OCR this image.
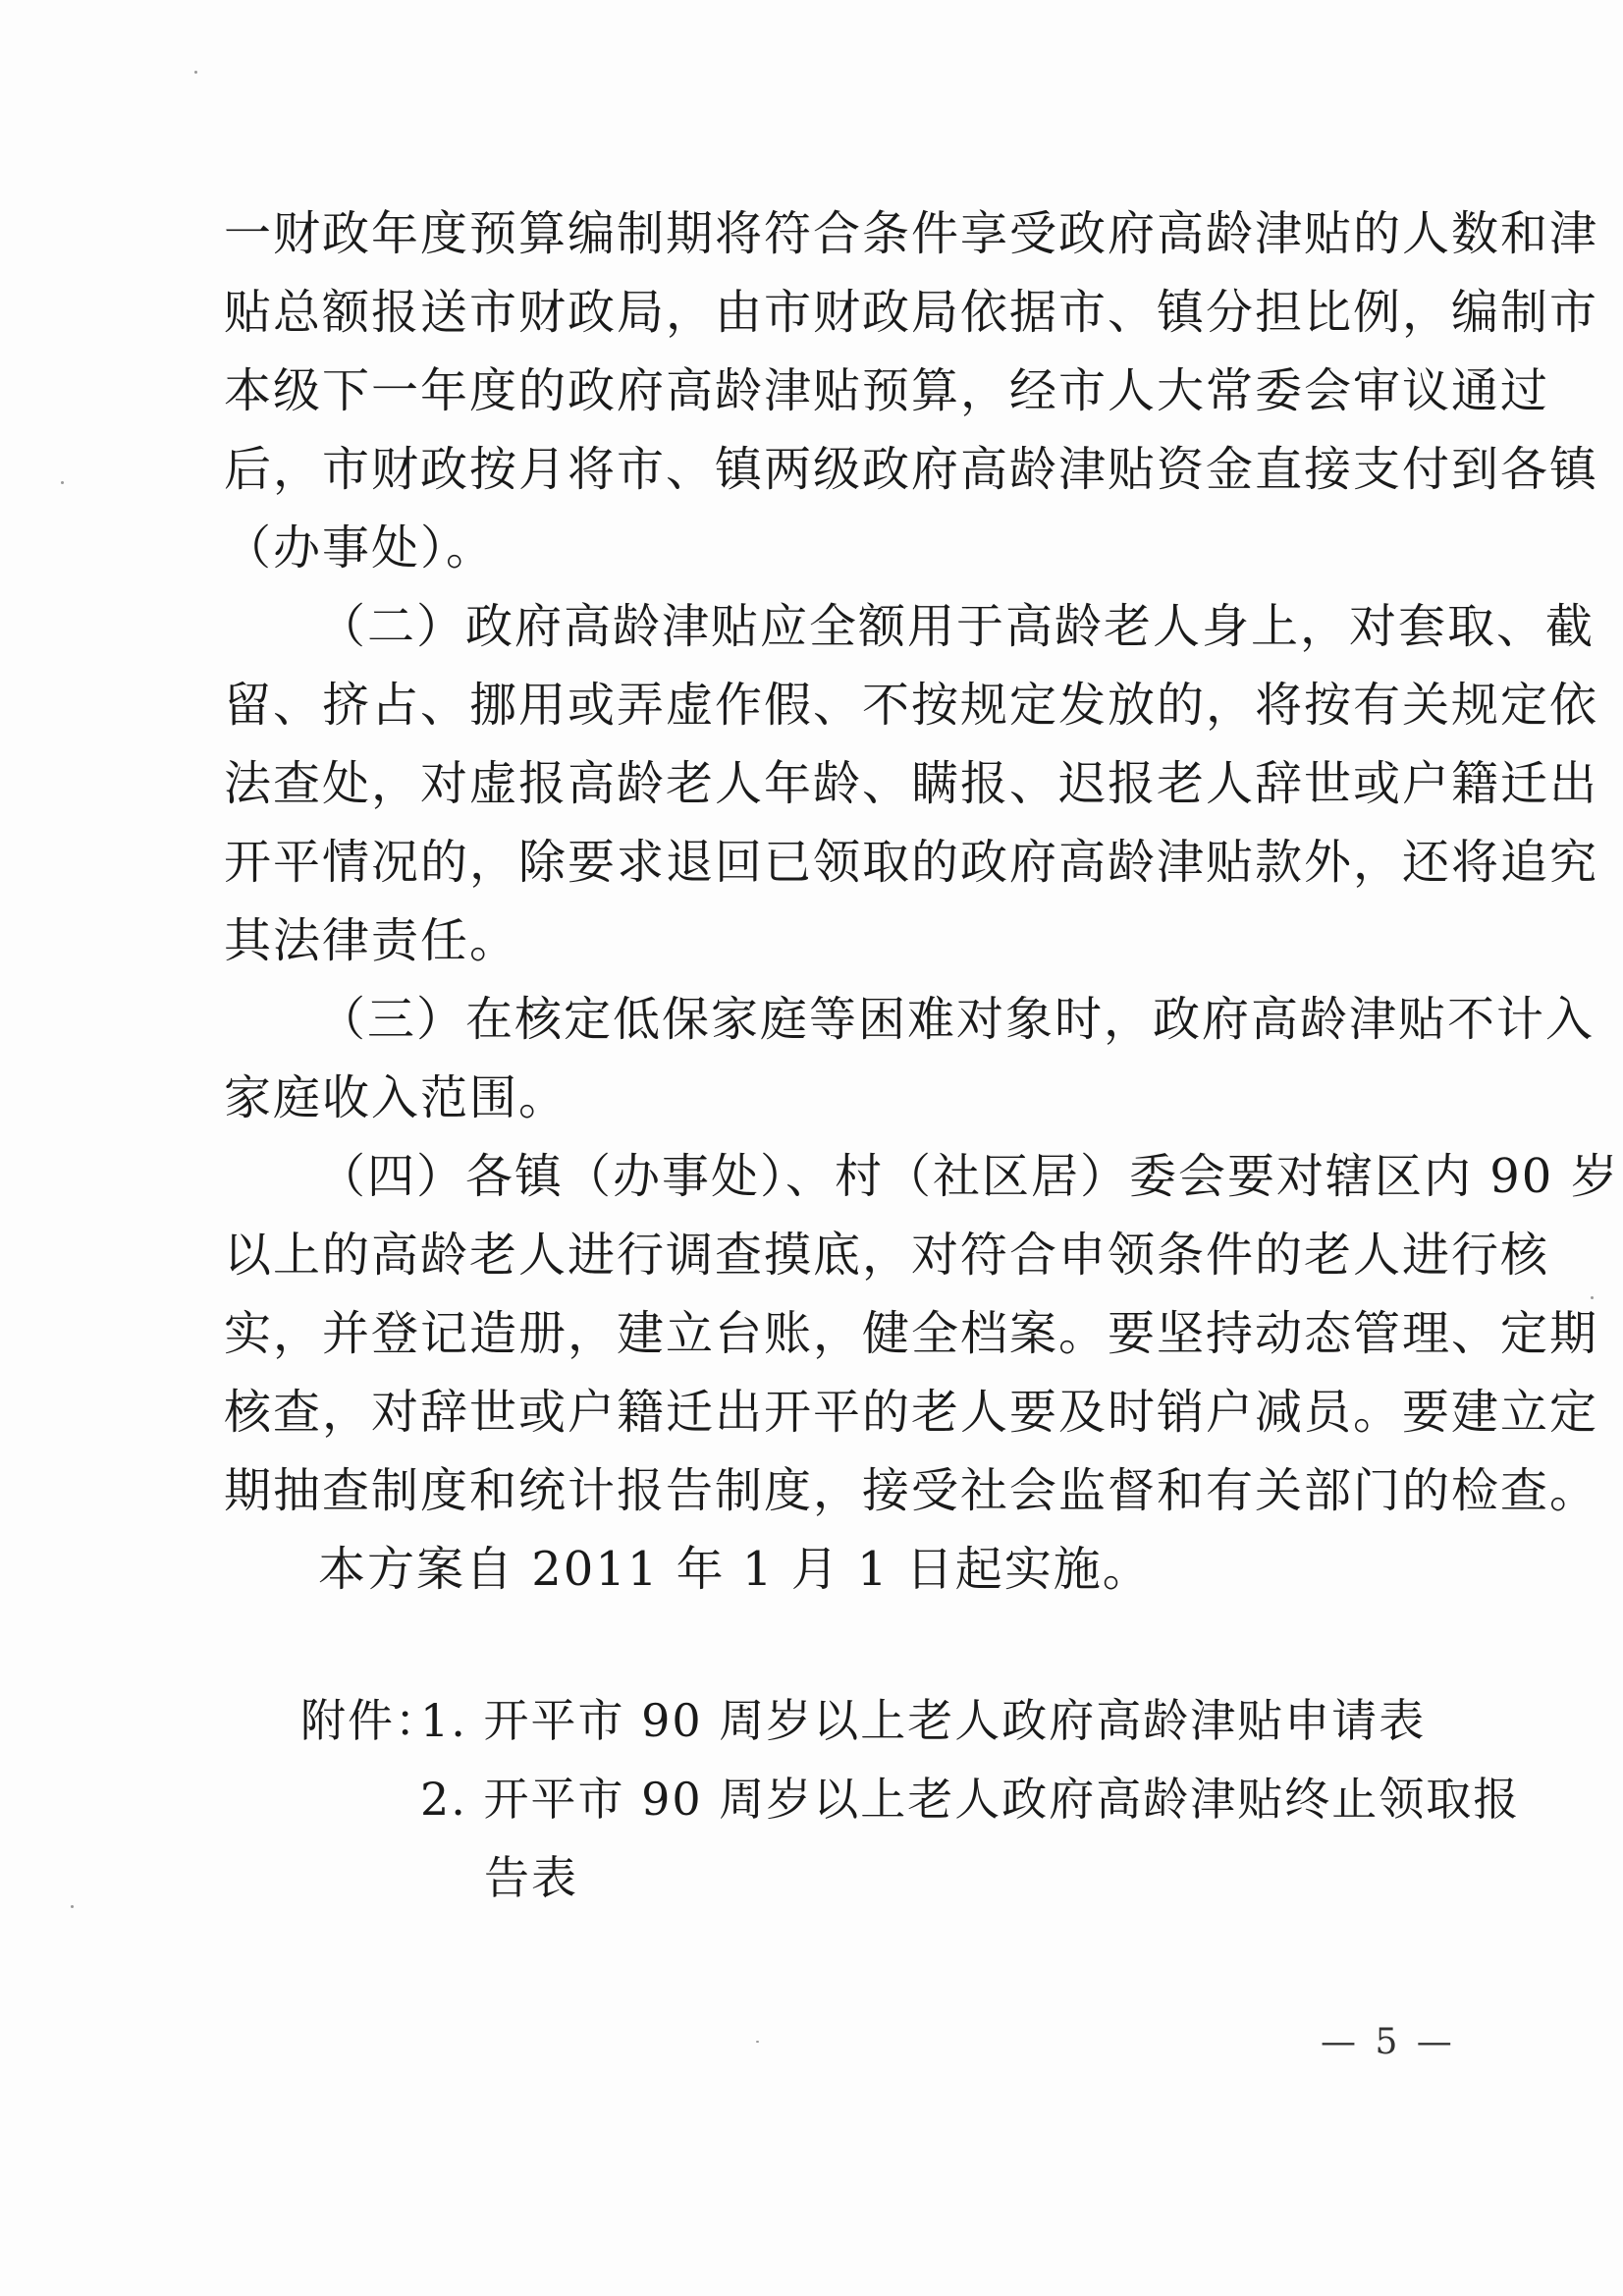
一财政年度预算编制期将符合条件享受政府高龄津贴的人数和津
贴总额报送市财政局，由市财政局依据市、镇分担比例，编制市
本级下一年度的政府高龄津贴预算，经市人大常委会审议通过
后，市财政按月将市、镇两级政府高龄津贴资金直接支付到各镇
（办事处）。
（二）政府高龄津贴应全额用于高龄老人身上，对套取、截
留、挤占、挪用或弄虚作假、不按规定发放的，将按有关规定依
法查处，对虚报高龄老人年龄、瞒报、迟报老人辞世或户籍迁出
开平情况的，除要求退回已领取的政府高龄津贴款外，还将追究
其法律责任。
（三）在核定低保家庭等困难对象时，政府高龄津贴不计入
家庭收入范围。
（四）各镇（办事处）、村（社区居）委会要对辖区内 90 岁
以上的高龄老人进行调查摸底，对符合申领条件的老人进行核
实，并登记造册，建立台账，健全档案。要坚持动态管理、定期
核查，对辞世或户籍迁出开平的老人要及时销户减员。要建立定
期抽查制度和统计报告制度，接受社会监督和有关部门的检查。
本方案自 2011 年 1 月 1 日起实施。
附件：
1. 开平市 90 周岁以上老人政府高龄津贴申请表
2. 开平市 90 周岁以上老人政府高龄津贴终止领取报
告表
— 5 —
